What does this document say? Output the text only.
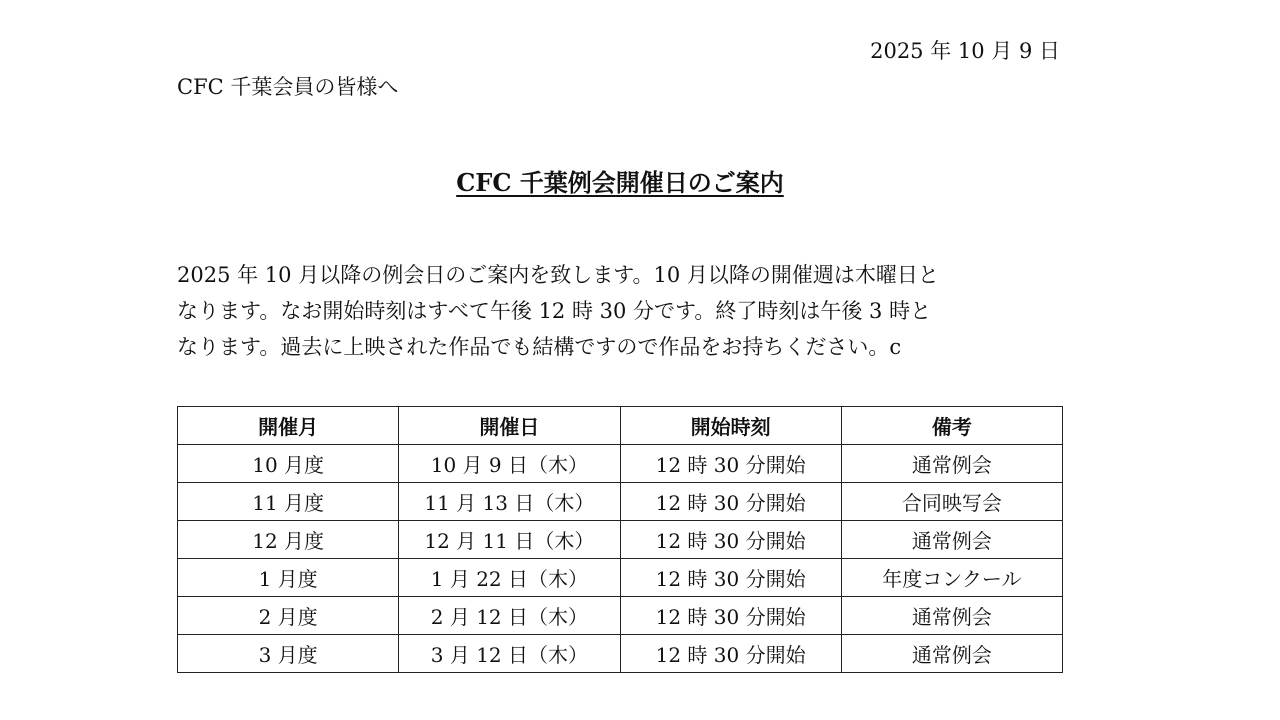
2025 年 10 月 9 日
CFC 千葉会員の皆様へ
CFC 千葉例会開催日のご案内

2025 年 10 月以降の例会日のご案内を致します。10 月以降の開催週は木曜日と

なります。なお開始時刻はすべて午後 12 時 30 分です。終了時刻は午後 3 時と

なります。過去に上映された作品でも結構ですので作品をお持ちください。c

開催月	開催日	開始時刻	備考
10 月度	10 月 9 日（木）	12 時 30 分開始	通常例会
11 月度	11 月 13 日（木）	12 時 30 分開始	合同映写会
12 月度	12 月 11 日（木）	12 時 30 分開始	通常例会
1 月度	1 月 22 日（木）	12 時 30 分開始	年度コンクール
2 月度	2 月 12 日（木）	12 時 30 分開始	通常例会
3 月度	3 月 12 日（木）	12 時 30 分開始	通常例会
